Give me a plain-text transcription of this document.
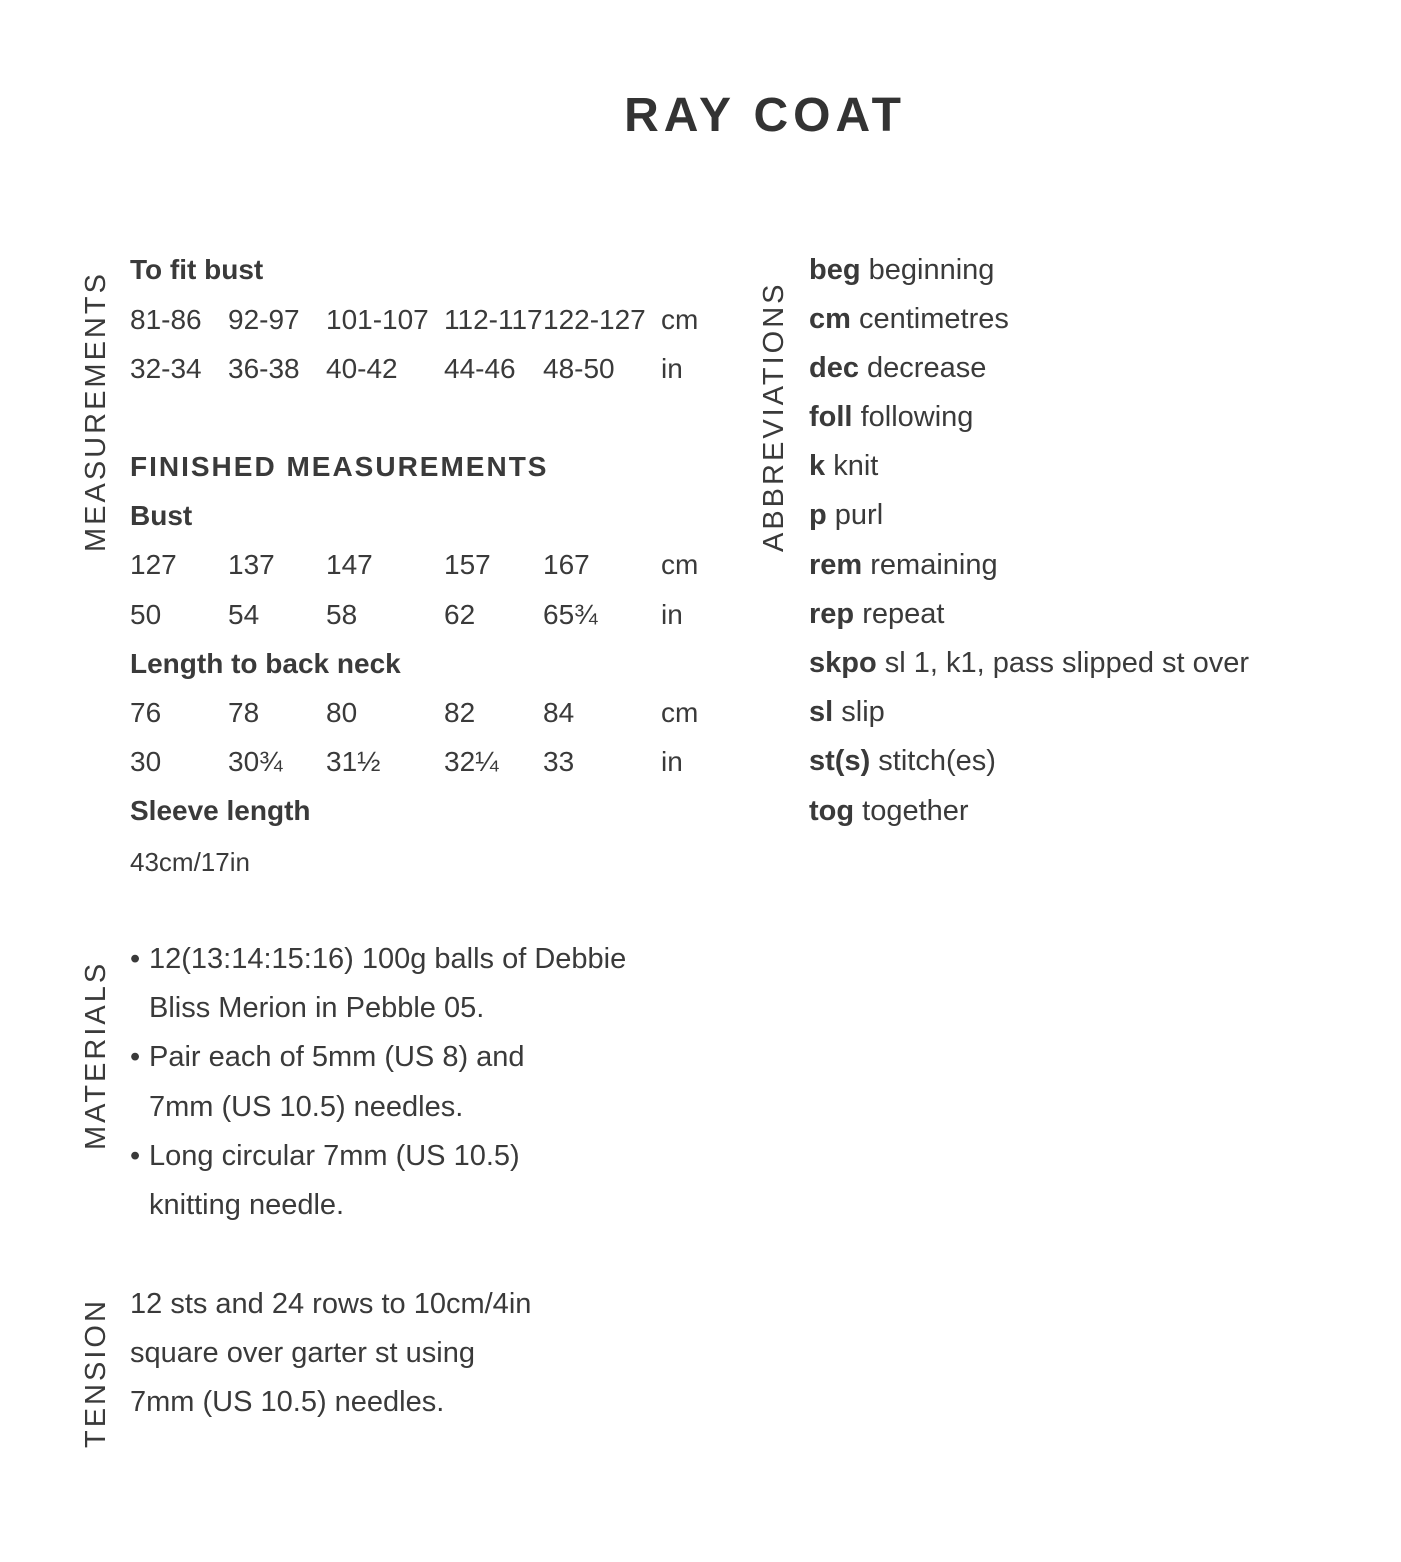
RAY COAT
MEASUREMENTS	ABBREVIATIONS
MATERIALS
TENSION
To fit bust
81-86 92-97 101-107 112-117 122-127 cm
32-34 36-38 40-42 44-46 48-50 in
FINISHED MEASUREMENTS
Bust
127 137 147	157 167	cm
50 54 58	62 65¾ in
Length to back neck
76 78 80	82 84	cm
30 30¾ 31½ 32¼ 33	in
Sleeve length
43cm/17in
beg beginning
cm centimetres
dec decrease
foll following
k knit
p purl
rem remaining
rep repeat
skpo sl 1, k1, pass slipped st over
sl slip
st(s) stitch(es)
tog together
• 12(13:14:15:16) 100g balls of Debbie
Bliss Merion in Pebble 05.
• Pair each of 5mm (US 8) and
7mm (US 10.5) needles.
• Long circular 7mm (US 10.5)
knitting needle.
12 sts and 24 rows to 10cm/4in
square over garter st using
7mm (US 10.5) needles.
